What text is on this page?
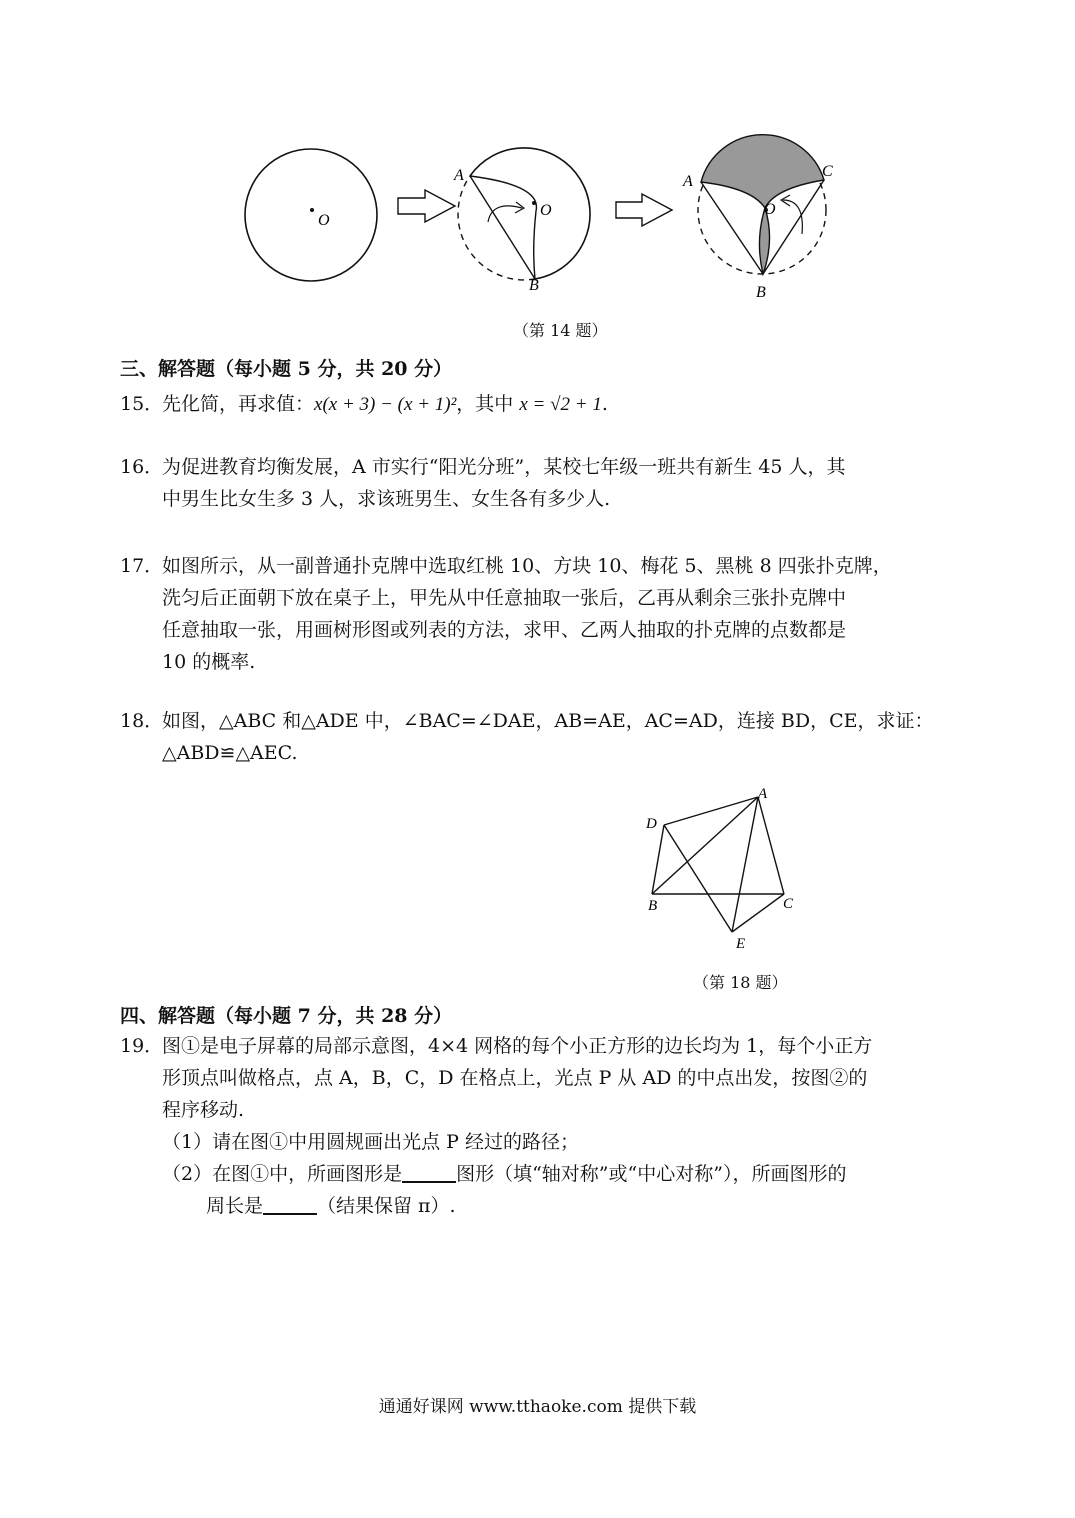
O
A
O
B
A
C
O
B
（第 14 题）
三、解答题（每小题 5 分，共 20 分）
15．先化简，再求值：x(x + 3) − (x + 1)²，其中 x = √2 + 1.
16．为促进教育均衡发展，A 市实行“阳光分班”，某校七年级一班共有新生 45 人，其
中男生比女生多 3 人，求该班男生、女生各有多少人.
17．如图所示，从一副普通扑克牌中选取红桃 10、方块 10、梅花 5、黑桃 8 四张扑克牌，
洗匀后正面朝下放在桌子上，甲先从中任意抽取一张后，乙再从剩余三张扑克牌中
任意抽取一张，用画树形图或列表的方法，求甲、乙两人抽取的扑克牌的点数都是
10 的概率.
18．如图，△ABC 和△ADE 中，∠BAC=∠DAE，AB=AE，AC=AD，连接 BD，CE，求证：
△ABD≌△AEC.
A
D
B	C
E
（第 18 题）
四、解答题（每小题 7 分，共 28 分）
19．图①是电子屏幕的局部示意图，4×4 网格的每个小正方形的边长均为 1，每个小正方
形顶点叫做格点，点 A，B，C，D 在格点上，光点 P 从 AD 的中点出发，按图②的
程序移动.
（1）请在图①中用圆规画出光点 P 经过的路径；
（2）在图①中，所画图形是	图形（填“轴对称”或“中心对称”），所画图形的
周长是	（结果保留 π）.
通通好课网 www.tthaoke.com 提供下载
